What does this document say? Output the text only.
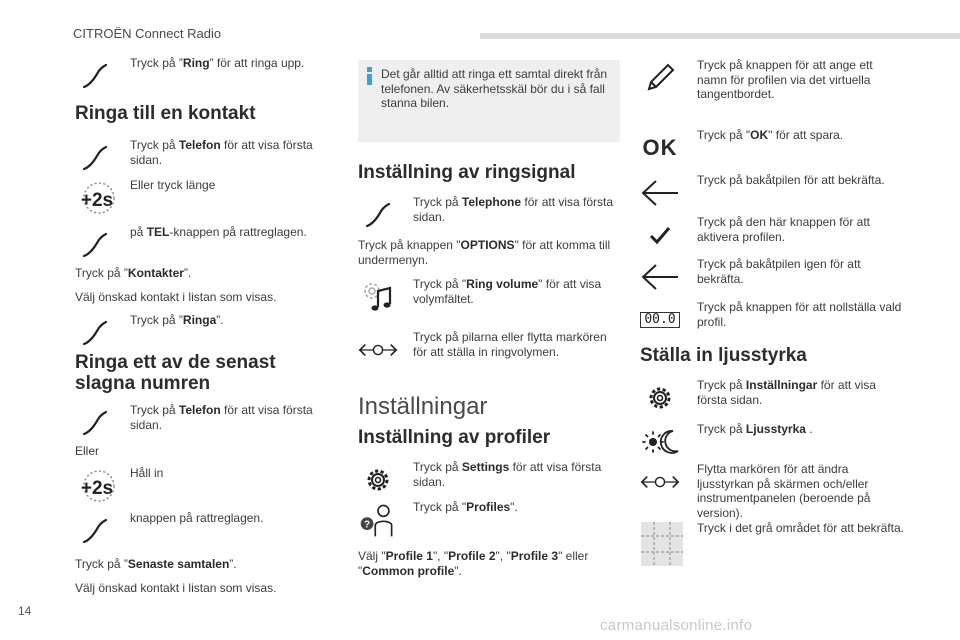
CITROËN Connect Radio
Tryck på ”Ring” för att ringa upp.
Ringa till en kontakt
Tryck på Telefon för att visa första sidan.
+2s
Eller tryck länge
på TEL-knappen på rattreglagen.
Tryck på ”Kontakter”.
Välj önskad kontakt i listan som visas.
Tryck på ”Ringa”.
Ringa ett av de senast
slagna numren
Tryck på Telefon för att visa första sidan.
Eller
+2s
Håll in
knappen på rattreglagen.
Tryck på ”Senaste samtalen”.
Välj önskad kontakt i listan som visas.
Det går alltid att ringa ett samtal direkt från telefonen. Av säkerhetsskäl bör du i så fall stanna bilen.
Inställning av ringsignal
Tryck på Telephone för att visa första sidan.
Tryck på knappen "OPTIONS" för att komma till undermenyn.
Tryck på "Ring volume" för att visa volymfältet.
Tryck på pilarna eller flytta markören för att ställa in ringvolymen.
Inställningar
Inställning av profiler
Tryck på Settings för att visa första sidan.
?
Tryck på "Profiles".
Välj "Profile 1", "Profile 2", "Profile 3" eller "Common profile".
Tryck på knappen för att ange ett namn för profilen via det virtuella tangentbordet.
OK Tryck på "OK" för att spara.
Tryck på bakåtpilen för att bekräfta.
Tryck på den här knappen för att aktivera profilen.
Tryck på bakåtpilen igen för att bekräfta.
00.0
Tryck på knappen för att nollställa vald profil.
Ställa in ljusstyrka
Tryck på Inställningar för att visa första sidan.
Tryck på Ljusstyrka .
Flytta markören för att ändra ljusstyrkan på skärmen och/eller instrumentpanelen (beroende på version).
Tryck i det grå området för att bekräfta.
14
carmanualsonline.info
